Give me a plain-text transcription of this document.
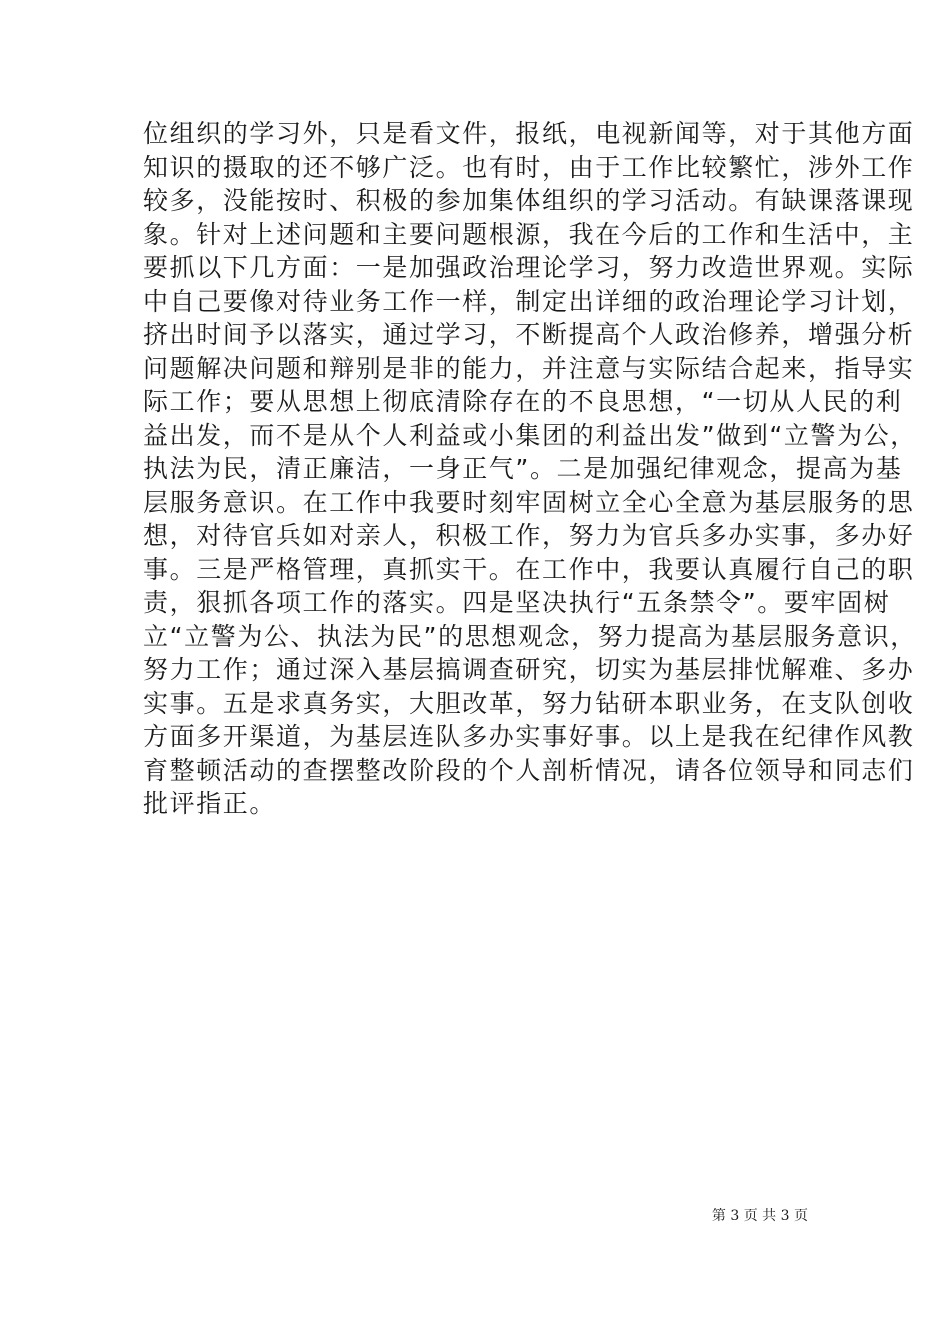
位组织的学习外，只是看文件，报纸，电视新闻等，对于其他方面
知识的摄取的还不够广泛。也有时，由于工作比较繁忙，涉外工作
较多，没能按时、积极的参加集体组织的学习活动。有缺课落课现
象。针对上述问题和主要问题根源，我在今后的工作和生活中，主
要抓以下几方面：一是加强政治理论学习，努力改造世界观。实际
中自己要像对待业务工作一样，制定出详细的政治理论学习计划，
挤出时间予以落实，通过学习，不断提高个人政治修养，增强分析
问题解决问题和辩别是非的能力，并注意与实际结合起来，指导实
际工作；要从思想上彻底清除存在的不良思想，“一切从人民的利
益出发，而不是从个人利益或小集团的利益出发”做到“立警为公，
执法为民，清正廉洁，一身正气”。二是加强纪律观念，提高为基
层服务意识。在工作中我要时刻牢固树立全心全意为基层服务的思
想，对待官兵如对亲人，积极工作，努力为官兵多办实事，多办好
事。三是严格管理，真抓实干。在工作中，我要认真履行自己的职
责，狠抓各项工作的落实。四是坚决执行“五条禁令”。要牢固树
立“立警为公、执法为民”的思想观念，努力提高为基层服务意识，
努力工作；通过深入基层搞调查研究，切实为基层排忧解难、多办
实事。五是求真务实，大胆改革，努力钻研本职业务，在支队创收
方面多开渠道，为基层连队多办实事好事。以上是我在纪律作风教
育整顿活动的查摆整改阶段的个人剖析情况，请各位领导和同志们
批评指正。
第 3 页 共 3 页
